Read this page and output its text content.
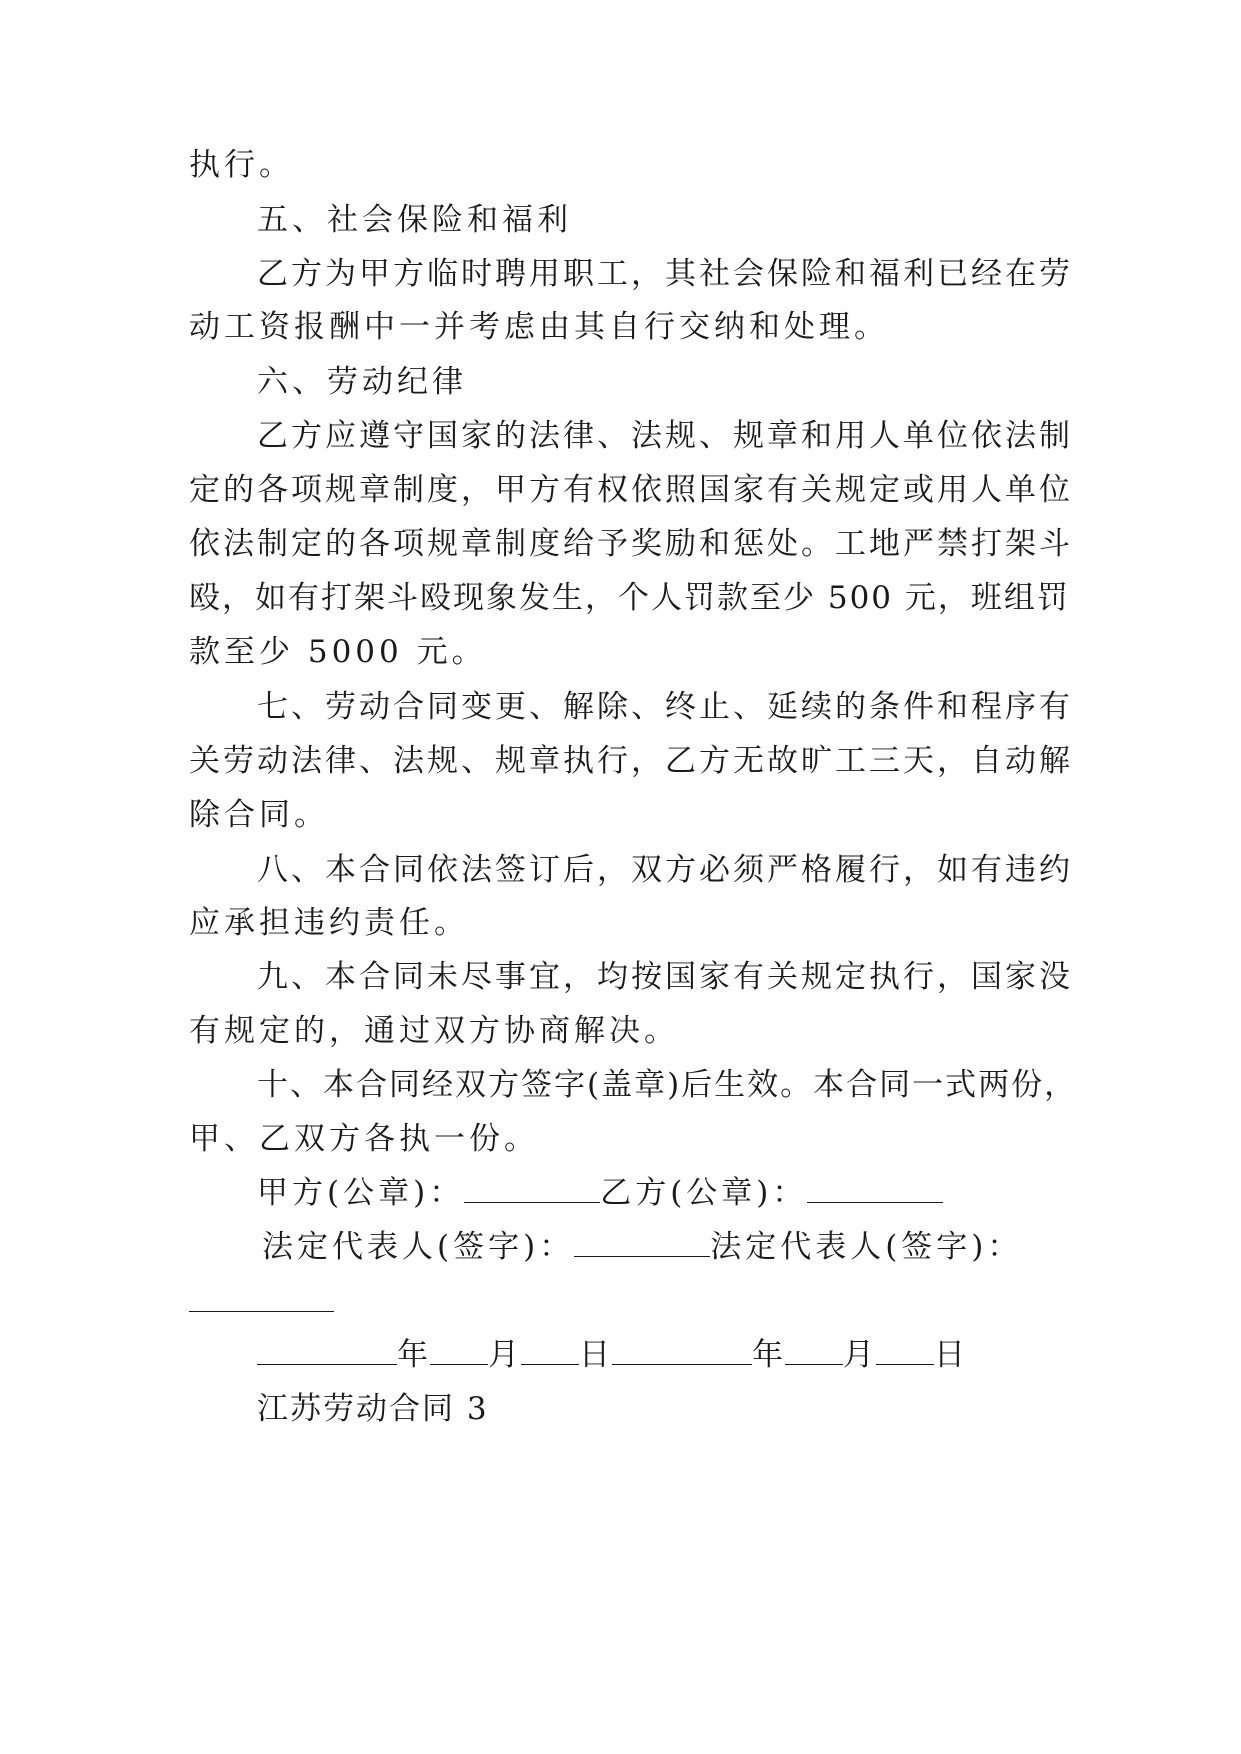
执行。
五、社会保险和福利
乙方为甲方临时聘用职工，其社会保险和福利已经在劳
动工资报酬中一并考虑由其自行交纳和处理。
六、劳动纪律
乙方应遵守国家的法律、法规、规章和用人单位依法制
定的各项规章制度，甲方有权依照国家有关规定或用人单位
依法制定的各项规章制度给予奖励和惩处。工地严禁打架斗
殴，如有打架斗殴现象发生，个人罚款至少 500 元，班组罚
款至少 5000 元。
七、劳动合同变更、解除、终止、延续的条件和程序有
关劳动法律、法规、规章执行，乙方无故旷工三天，自动解
除合同。
八、本合同依法签订后，双方必须严格履行，如有违约
应承担违约责任。
九、本合同未尽事宜，均按国家有关规定执行，国家没
有规定的，通过双方协商解决。
十、本合同经双方签字(盖章)后生效。本合同一式两份，
甲、乙双方各执一份。
甲方(公章)：	乙方(公章)：
法定代表人(签字)：	法定代表人(签字)：
年 月 日	年 月 日
江苏劳动合同 3
